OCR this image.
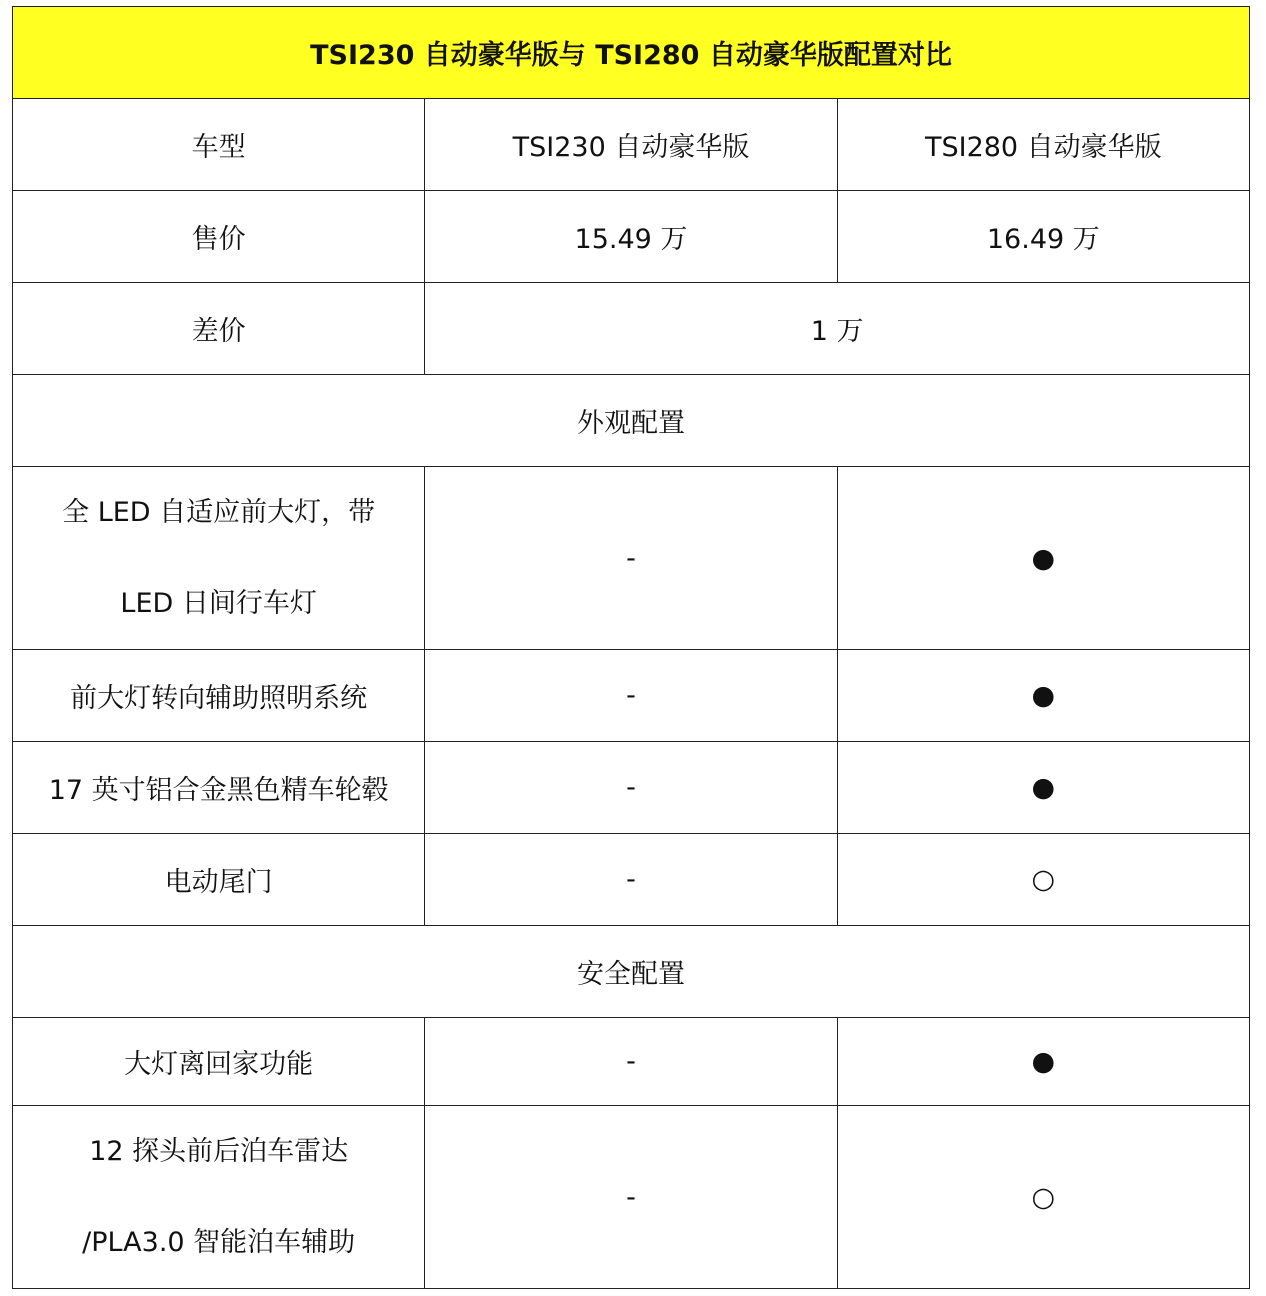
TSI230 自动豪华版与 TSI280 自动豪华版配置对比		
车型	TSI230 自动豪华版	TSI280 自动豪华版
售价	15.49 万	16.49 万
差价	1 万	
外观配置		

全 LED 自适应前大灯，带
LED 日间行车灯	-	●
前大灯转向辅助照明系统	-	●
17 英寸铝合金黑色精车轮毂	-	●
电动尾门	-	○
安全配置		
大灯离回家功能	-	●

12 探头前后泊车雷达
/PLA3.0 智能泊车辅助	-	○
